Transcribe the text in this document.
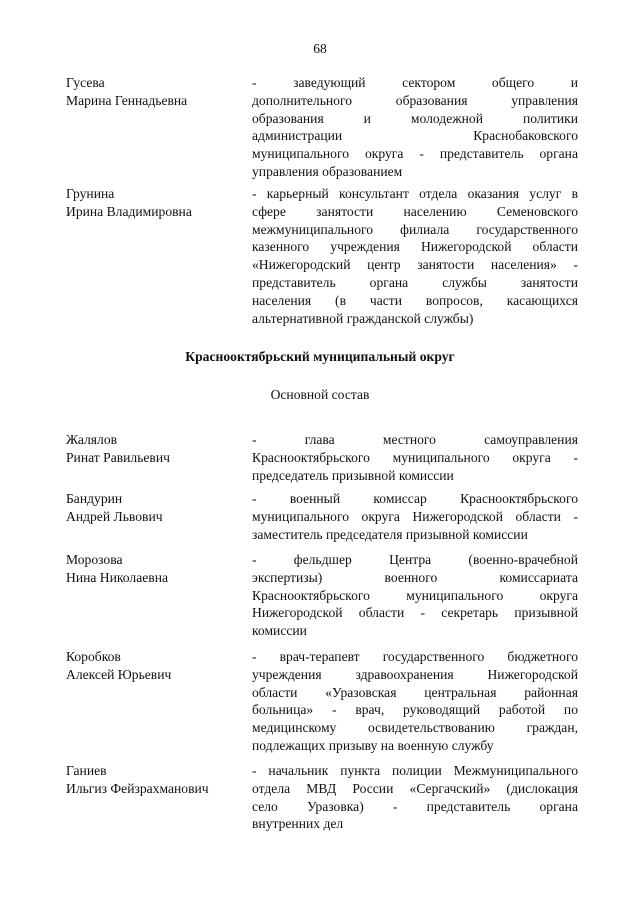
68
Гусева
Марина Геннадьевна
- заведующий сектором общего и
дополнительного образования управления
образования и молодежной политики
администрации Краснобаковского
муниципального округа - представитель органа
управления образованием
Грунина
Ирина Владимировна
- карьерный консультант отдела оказания услуг в
сфере занятости населению Семеновского
межмуниципального филиала государственного
казенного учреждения Нижегородской области
«Нижегородский центр занятости населения» -
представитель органа службы занятости
населения (в части вопросов, касающихся
альтернативной гражданской службы)
Краснооктябрьский муниципальный округ
Основной состав
Жалялов
Ринат Равильевич
- глава местного самоуправления
Краснооктябрьского муниципального округа -
председатель призывной комиссии
Бандурин
Андрей Львович
- военный комиссар Краснооктябрьского
муниципального округа Нижегородской области -
заместитель председателя призывной комиссии
Морозова
Нина Николаевна
- фельдшер Центра (военно-врачебной
экспертизы) военного комиссариата
Краснооктябрьского муниципального округа
Нижегородской области - секретарь призывной
комиссии
Коробков
Алексей Юрьевич
- врач-терапевт государственного бюджетного
учреждения здравоохранения Нижегородской
области «Уразовская центральная районная
больница» - врач, руководящий работой по
медицинскому освидетельствованию граждан,
подлежащих призыву на военную службу
Ганиев
Ильгиз Фейзрахманович
- начальник пункта полиции Межмуниципального
отдела МВД России «Сергачский» (дислокация
село Уразовка) - представитель органа
внутренних дел
